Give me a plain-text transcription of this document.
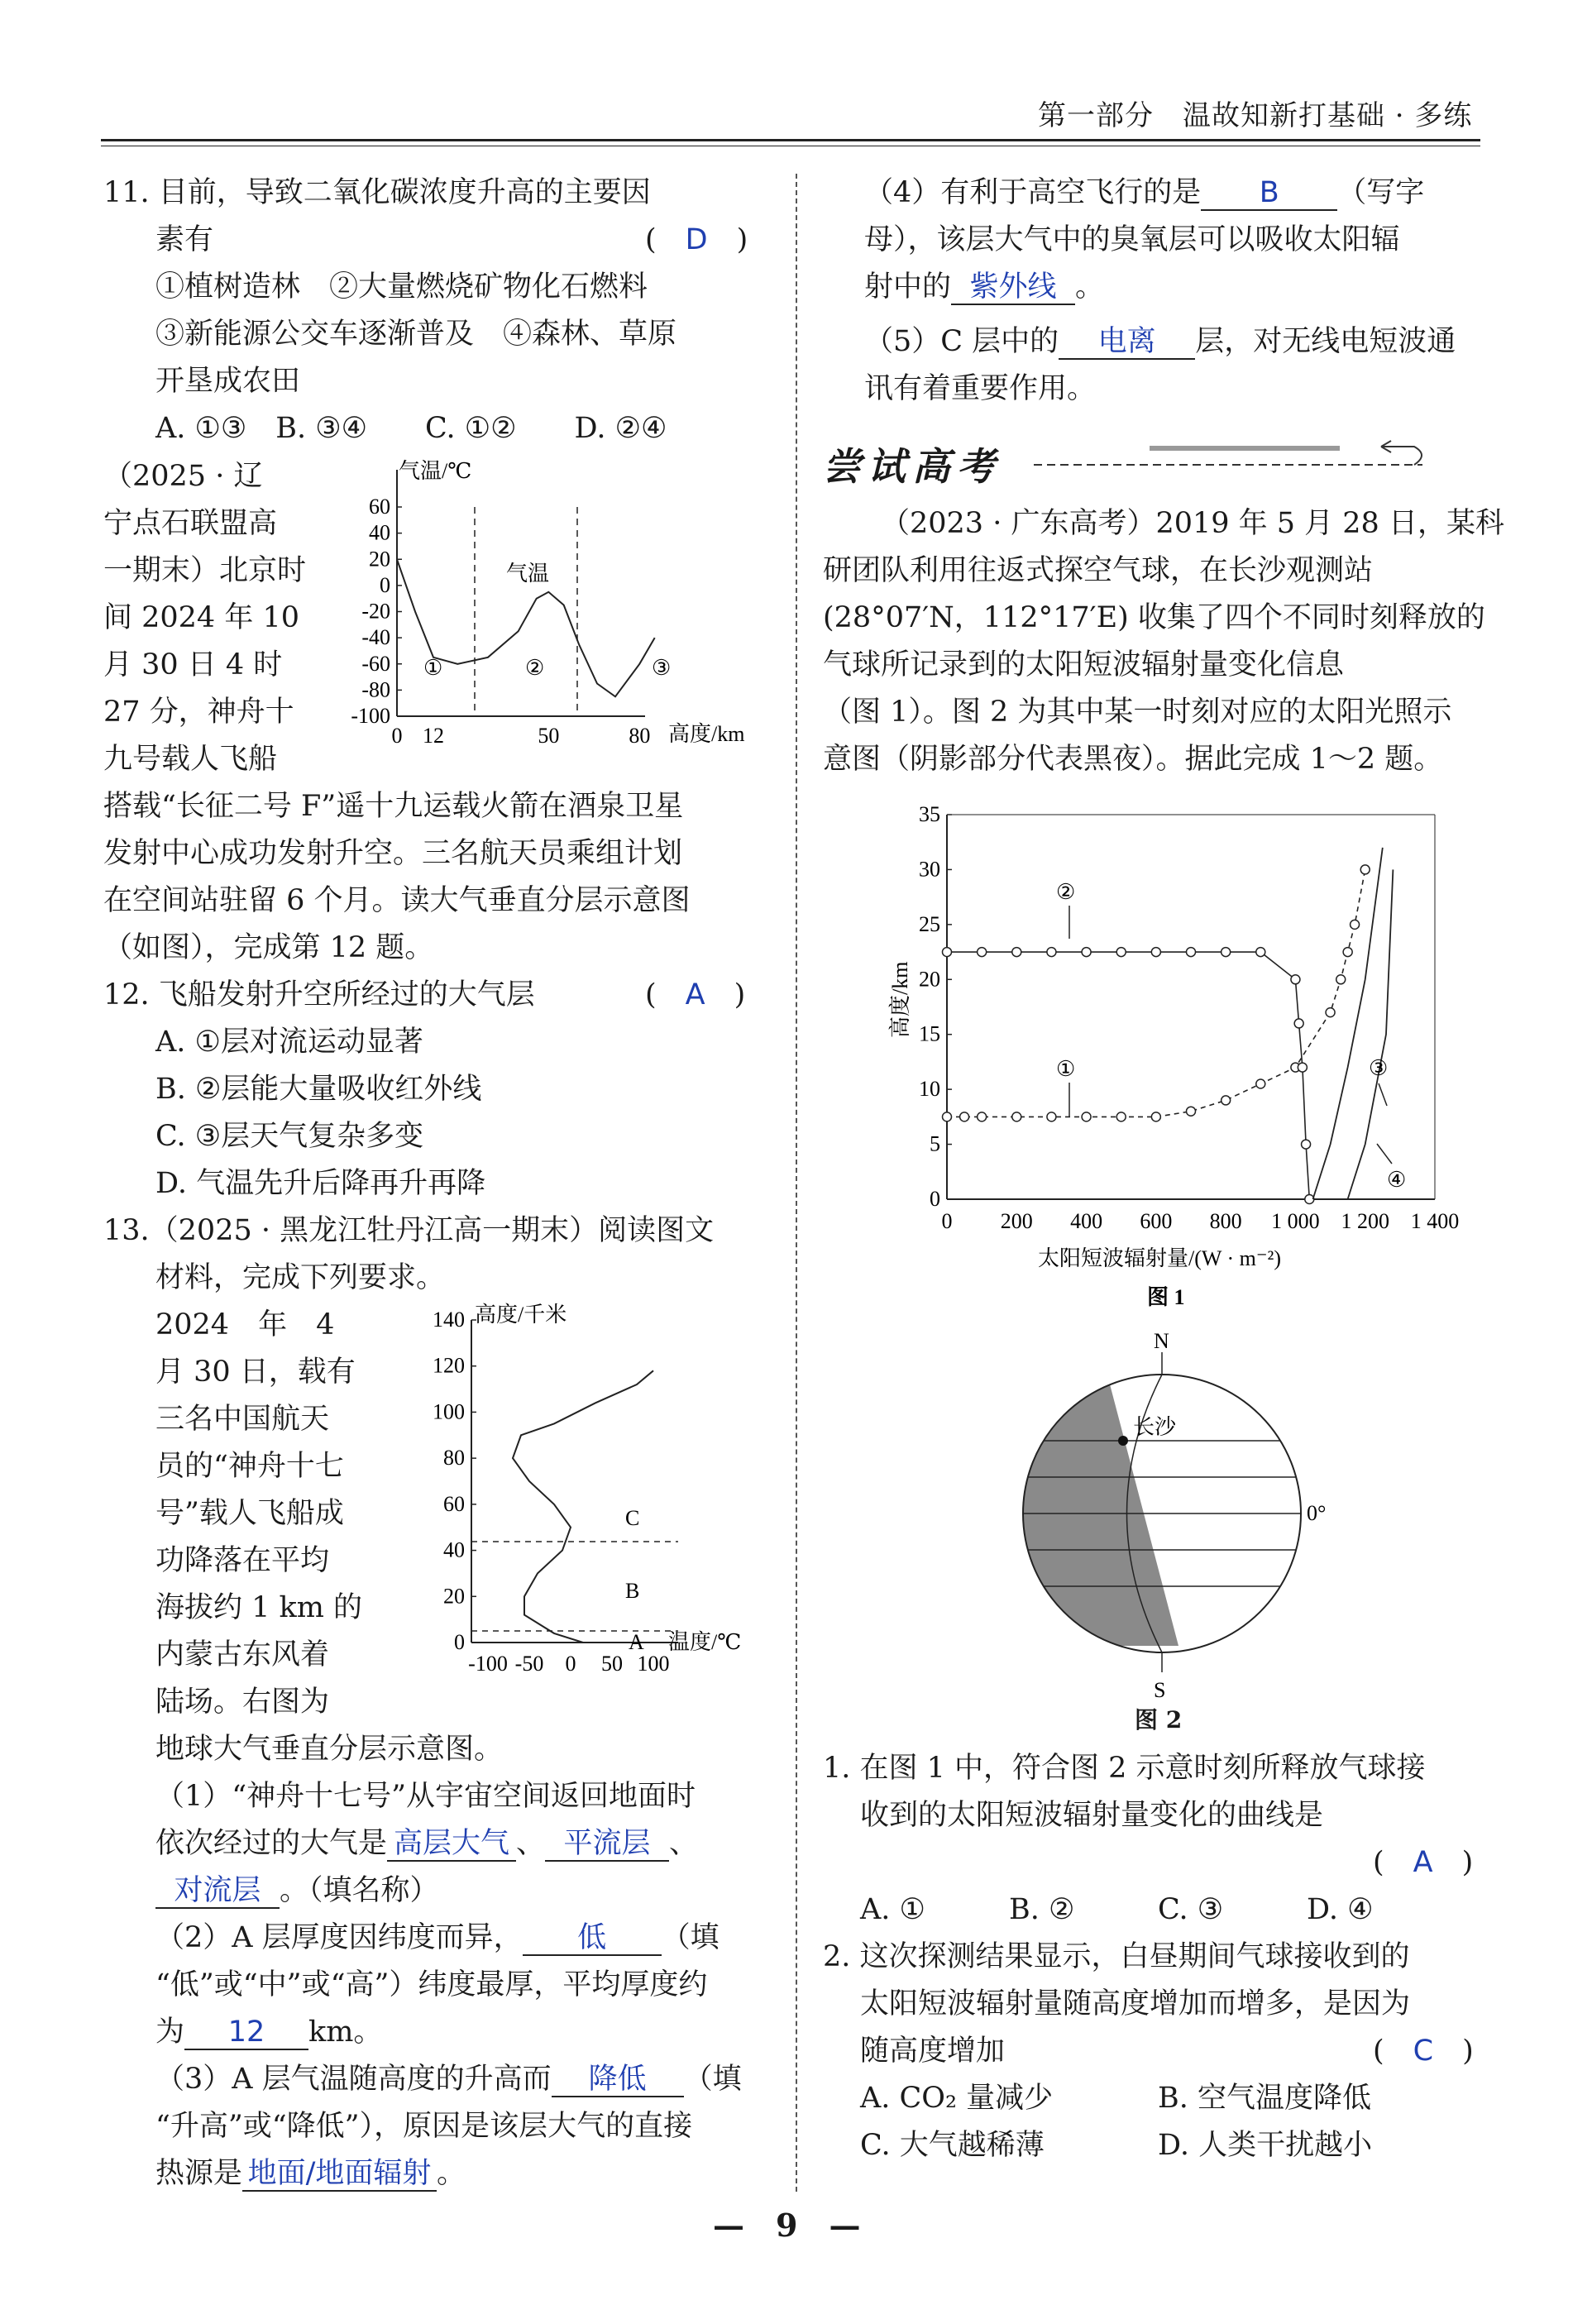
第一部分　温故知新打基础 · 多练
11. 目前，导致二氧化碳浓度升高的主要因
素有	(　D　)
①植树造林　②大量燃烧矿物化石燃料
③新能源公交车逐渐普及　④森林、草原
开垦成农田
A. ①③　B. ③④　　C. ①②　　D. ②④
（2025 · 辽
宁点石联盟高
一期末）北京时
间 2024 年 10
月 30 日 4 时
27 分，神舟十
九号载人飞船
气温/℃
60
40
20
0
-20
-40
-60
-80
-100
0 12	50	80 高度/km
气温
①	②	③
搭载“长征二号 F”遥十九运载火箭在酒泉卫星
发射中心成功发射升空。三名航天员乘组计划
在空间站驻留 6 个月。读大气垂直分层示意图
（如图），完成第 12 题。
12. 飞船发射升空所经过的大气层	(　A　)
A. ①层对流运动显著
B. ②层能大量吸收红外线
C. ③层天气复杂多变
D. 气温先升后降再升再降
13.（2025 · 黑龙江牡丹江高一期末）阅读图文
材料，完成下列要求。
2024　年　4
月 30 日，载有
三名中国航天
员的“神舟十七
号”载人飞船成
功降落在平均
海拔约 1 km 的
内蒙古东风着
陆场。右图为
高度/千米
140
120
100
80
60
40
20
0
-100 -50 0 50 100
温度/℃
A
B
C
地球大气垂直分层示意图。
（1）“神舟十七号”从宇宙空间返回地面时
依次经过的大气是 高层大气 、 平流层 、
对流层 。（填名称）
（2）A 层厚度因纬度而异， 低 （填
“低”或“中”或“高”）纬度最厚，平均厚度约
为 12 km。
（3）A 层气温随高度的升高而 降低 （填
“升高”或“降低”），原因是该层大气的直接
热源是 地面/地面辐射 。
（4）有利于高空飞行的是 B （写字
母），该层大气中的臭氧层可以吸收太阳辐
射中的 紫外线 。
（5）C 层中的 电离 层，对无线电短波通
讯有着重要作用。
尝试高考
（2023 · 广东高考）2019 年 5 月 28 日，某科
研团队利用往返式探空气球，在长沙观测站
(28°07′N，112°17′E) 收集了四个不同时刻释放的
气球所记录到的太阳短波辐射量变化信息
（图 1）。图 2 为其中某一时刻对应的太阳光照示
意图（阴影部分代表黑夜）。据此完成 1～2 题。
高度/km
35
30
25
20
15
10
5
0
0 200 400 600 800 1 000 1 200 1 400
太阳短波辐射量/(W · m⁻²)
②
①	③
④
图 1
N
S
长沙
0°
图 2
1. 在图 1 中，符合图 2 示意时刻所释放气球接
收到的太阳短波辐射量变化的曲线是
(　A　)
A. ①	B. ②	C. ③	D. ④
2. 这次探测结果显示，白昼期间气球接收到的
太阳短波辐射量随高度增加而增多，是因为
随高度增加	(　C　)
A. CO₂ 量减少	B. 空气温度降低
C. 大气越稀薄	D. 人类干扰越小
—　9　—
